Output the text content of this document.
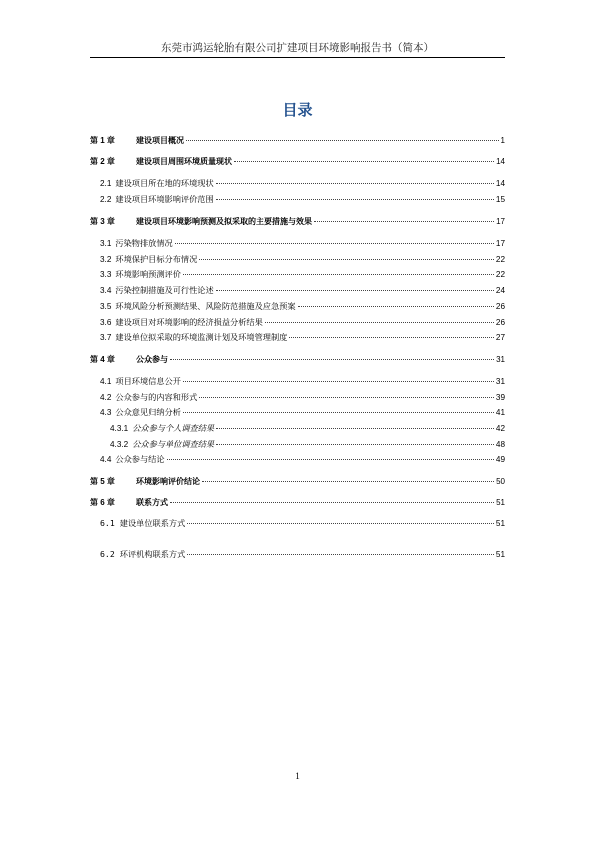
东莞市鸿运轮胎有限公司扩建项目环境影响报告书（简本）
目录
第 1 章	建设项目概况	1
第 2 章	建设项目周围环境质量现状	14
2.1 建设项目所在地的环境现状	14
2.2 建设项目环境影响评价范围	15
第 3 章	建设项目环境影响预测及拟采取的主要措施与效果	17
3.1 污染物排放情况	17
3.2 环境保护目标分布情况	22
3.3 环境影响预测评价	22
3.4 污染控制措施及可行性论述	24
3.5 环境风险分析预测结果、风险防范措施及应急预案	26
3.6 建设项目对环境影响的经济损益分析结果	26
3.7 建设单位拟采取的环境监测计划及环境管理制度	27
第 4 章	公众参与	31
4.1 项目环境信息公开	31
4.2 公众参与的内容和形式	39
4.3 公众意见归纳分析	41
4.3.1 公众参与个人调查结果	42
4.3.2 公众参与单位调查结果	48
4.4 公众参与结论	49
第 5 章	环境影响评价结论	50
第 6 章	联系方式	51
6.1 建设单位联系方式	51
6.2 环评机构联系方式	51
1
